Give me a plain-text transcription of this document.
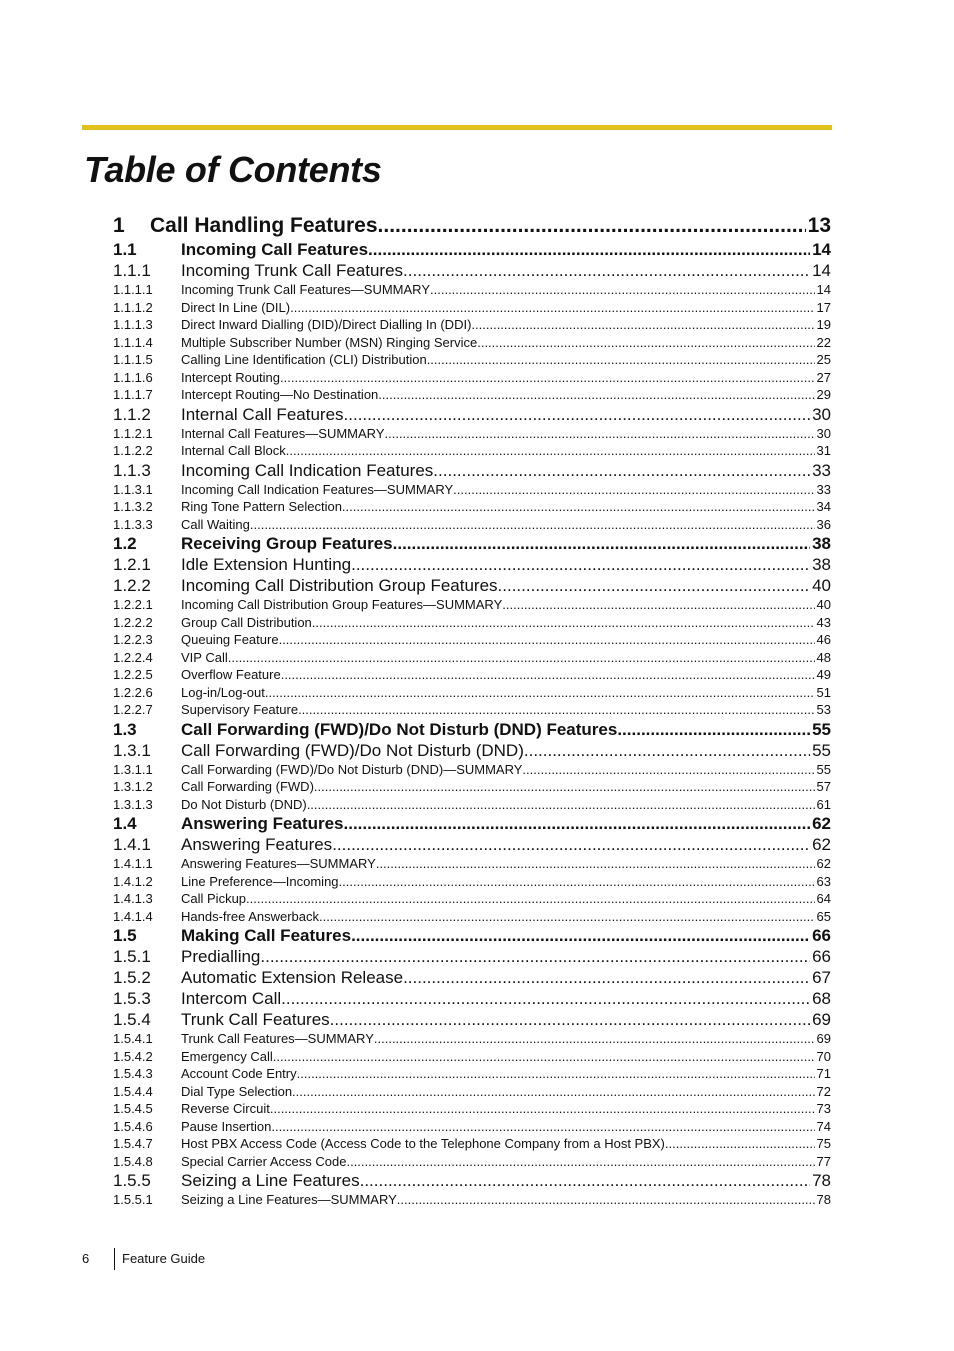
Table of Contents
1	Call Handling Features .....	13
1.1	Incoming Call Features .....	14
1.1.1	Incoming Trunk Call Features .....	14
1.1.1.1	Incoming Trunk Call Features—SUMMARY .....	14
1.1.1.2	Direct In Line (DIL) .....	17
1.1.1.3	Direct Inward Dialling (DID)/Direct Dialling In (DDI) .....	19
1.1.1.4	Multiple Subscriber Number (MSN) Ringing Service .....	22
1.1.1.5	Calling Line Identification (CLI) Distribution .....	25
1.1.1.6	Intercept Routing .....	27
1.1.1.7	Intercept Routing—No Destination .....	29
1.1.2	Internal Call Features .....	30
1.1.2.1	Internal Call Features—SUMMARY .....	30
1.1.2.2	Internal Call Block .....	31
1.1.3	Incoming Call Indication Features .....	33
1.1.3.1	Incoming Call Indication Features—SUMMARY .....	33
1.1.3.2	Ring Tone Pattern Selection .....	34
1.1.3.3	Call Waiting .....	36
1.2	Receiving Group Features .....	38
1.2.1	Idle Extension Hunting .....	38
1.2.2	Incoming Call Distribution Group Features .....	40
1.2.2.1	Incoming Call Distribution Group Features—SUMMARY .....	40
1.2.2.2	Group Call Distribution .....	43
1.2.2.3	Queuing Feature .....	46
1.2.2.4	VIP Call .....	48
1.2.2.5	Overflow Feature .....	49
1.2.2.6	Log-in/Log-out .....	51
1.2.2.7	Supervisory Feature .....	53
1.3	Call Forwarding (FWD)/Do Not Disturb (DND) Features .....	55
1.3.1	Call Forwarding (FWD)/Do Not Disturb (DND) .....	55
1.3.1.1	Call Forwarding (FWD)/Do Not Disturb (DND)—SUMMARY .....	55
1.3.1.2	Call Forwarding (FWD) .....	57
1.3.1.3	Do Not Disturb (DND) .....	61
1.4	Answering Features .....	62
1.4.1	Answering Features .....	62
1.4.1.1	Answering Features—SUMMARY .....	62
1.4.1.2	Line Preference—Incoming .....	63
1.4.1.3	Call Pickup .....	64
1.4.1.4	Hands-free Answerback .....	65
1.5	Making Call Features .....	66
1.5.1	Predialling .....	66
1.5.2	Automatic Extension Release .....	67
1.5.3	Intercom Call .....	68
1.5.4	Trunk Call Features .....	69
1.5.4.1	Trunk Call Features—SUMMARY .....	69
1.5.4.2	Emergency Call .....	70
1.5.4.3	Account Code Entry .....	71
1.5.4.4	Dial Type Selection .....	72
1.5.4.5	Reverse Circuit .....	73
1.5.4.6	Pause Insertion .....	74
1.5.4.7	Host PBX Access Code (Access Code to the Telephone Company from a Host PBX) .....	75
1.5.4.8	Special Carrier Access Code .....	77
1.5.5	Seizing a Line Features .....	78
1.5.5.1	Seizing a Line Features—SUMMARY .....	78
6	Feature Guide
